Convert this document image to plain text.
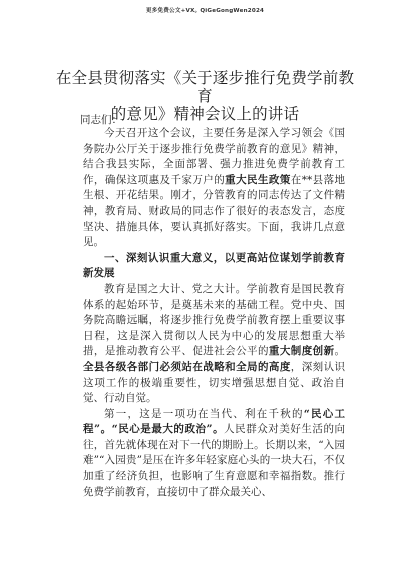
更多免费公文+VX。QiGeGongWen2024
在全县贯彻落实《关于逐步推行免费学前教育
的意见》精神会议上的讲话
同志们：

今天召开这个会议，主要任务是深入学习领会《国务院办公厅关于逐步推行免费学前教育的意见》精神，结合我县实际，全面部署、强力推进免费学前教育工作，确保这项惠及千家万户的重大民生政策在**县落地生根、开花结果。刚才，分管教育的同志传达了文件精神，教育局、财政局的同志作了很好的表态发言，态度坚决、措施具体，要认真抓好落实。下面，我讲几点意见。

一、深刻认识重大意义，以更高站位谋划学前教育新发展

教育是国之大计、党之大计。学前教育是国民教育体系的起始环节，是奠基未来的基础工程。党中央、国务院高瞻远瞩，将逐步推行免费学前教育摆上重要议事日程，这是深入贯彻以人民为中心的发展思想重大举措，是推动教育公平、促进社会公平的重大制度创新。全县各级各部门必须站在战略和全局的高度，深刻认识这项工作的极端重要性，切实增强思想自觉、政治自觉、行动自觉。

第一，这是一项功在当代、利在千秋的“民心工程”。“民心是最大的政治”。人民群众对美好生活的向往，首先就体现在对下一代的期盼上。长期以来，“入园难”“入园贵”是压在许多年轻家庭心头的一块大石，不仅加重了经济负担，也影响了生育意愿和幸福指数。推行免费学前教育，直接切中了群众最关心、
